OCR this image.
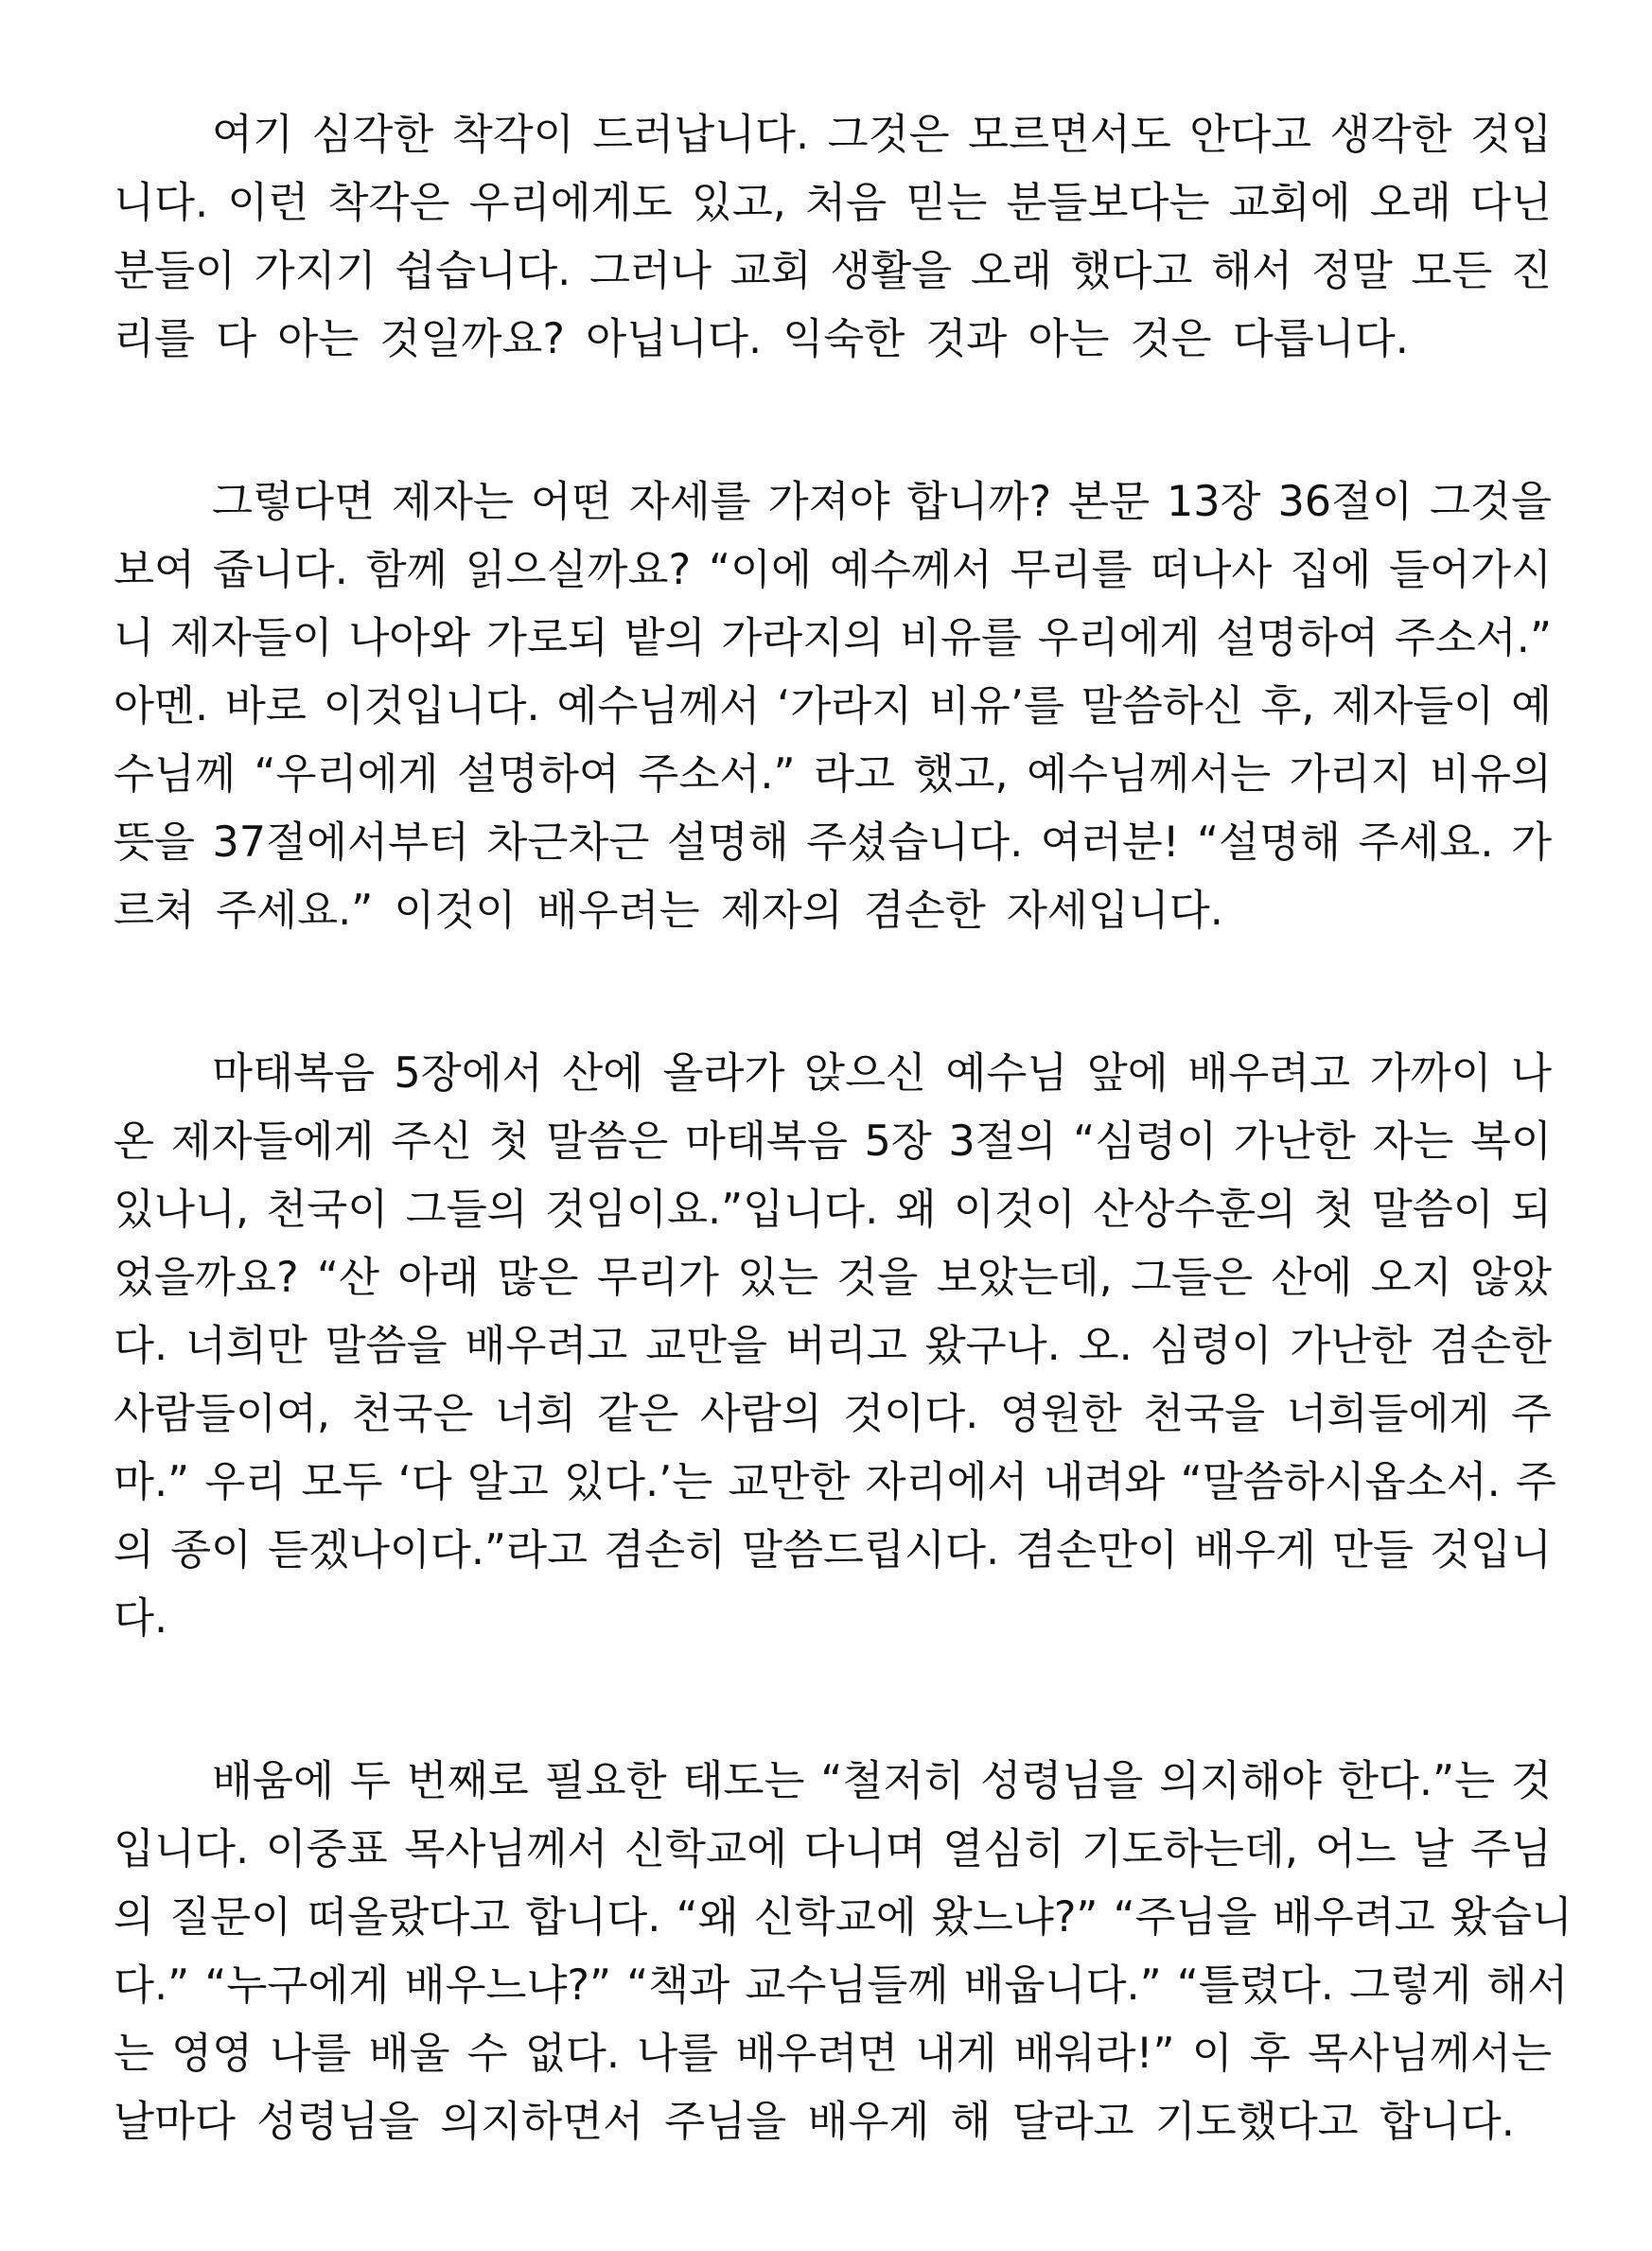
여기 심각한 착각이 드러납니다. 그것은 모르면서도 안다고 생각한 것입
니다. 이런 착각은 우리에게도 있고, 처음 믿는 분들보다는 교회에 오래 다닌
분들이 가지기 쉽습니다. 그러나 교회 생활을 오래 했다고 해서 정말 모든 진
리를 다 아는 것일까요? 아닙니다. 익숙한 것과 아는 것은 다릅니다.
그렇다면 제자는 어떤 자세를 가져야 합니까? 본문 13장 36절이 그것을
보여 줍니다. 함께 읽으실까요? “이에 예수께서 무리를 떠나사 집에 들어가시
니 제자들이 나아와 가로되 밭의 가라지의 비유를 우리에게 설명하여 주소서.”
아멘. 바로 이것입니다. 예수님께서 ‘가라지 비유’를 말씀하신 후, 제자들이 예
수님께 “우리에게 설명하여 주소서.” 라고 했고, 예수님께서는 가리지 비유의
뜻을 37절에서부터 차근차근 설명해 주셨습니다. 여러분! “설명해 주세요. 가
르쳐 주세요.” 이것이 배우려는 제자의 겸손한 자세입니다.
마태복음 5장에서 산에 올라가 앉으신 예수님 앞에 배우려고 가까이 나
온 제자들에게 주신 첫 말씀은 마태복음 5장 3절의 “심령이 가난한 자는 복이
있나니, 천국이 그들의 것임이요.”입니다. 왜 이것이 산상수훈의 첫 말씀이 되
었을까요? “산 아래 많은 무리가 있는 것을 보았는데, 그들은 산에 오지 않았
다. 너희만 말씀을 배우려고 교만을 버리고 왔구나. 오. 심령이 가난한 겸손한
사람들이여, 천국은 너희 같은 사람의 것이다. 영원한 천국을 너희들에게 주
마.” 우리 모두 ‘다 알고 있다.’는 교만한 자리에서 내려와 “말씀하시옵소서. 주
의 종이 듣겠나이다.”라고 겸손히 말씀드립시다. 겸손만이 배우게 만들 것입니
다.
배움에 두 번째로 필요한 태도는 “철저히 성령님을 의지해야 한다.”는 것
입니다. 이중표 목사님께서 신학교에 다니며 열심히 기도하는데, 어느 날 주님
의 질문이 떠올랐다고 합니다. “왜 신학교에 왔느냐?” “주님을 배우려고 왔습니
다.” “누구에게 배우느냐?” “책과 교수님들께 배웁니다.” “틀렸다. 그렇게 해서
는 영영 나를 배울 수 없다. 나를 배우려면 내게 배워라!” 이 후 목사님께서는
날마다 성령님을 의지하면서 주님을 배우게 해 달라고 기도했다고 합니다.
